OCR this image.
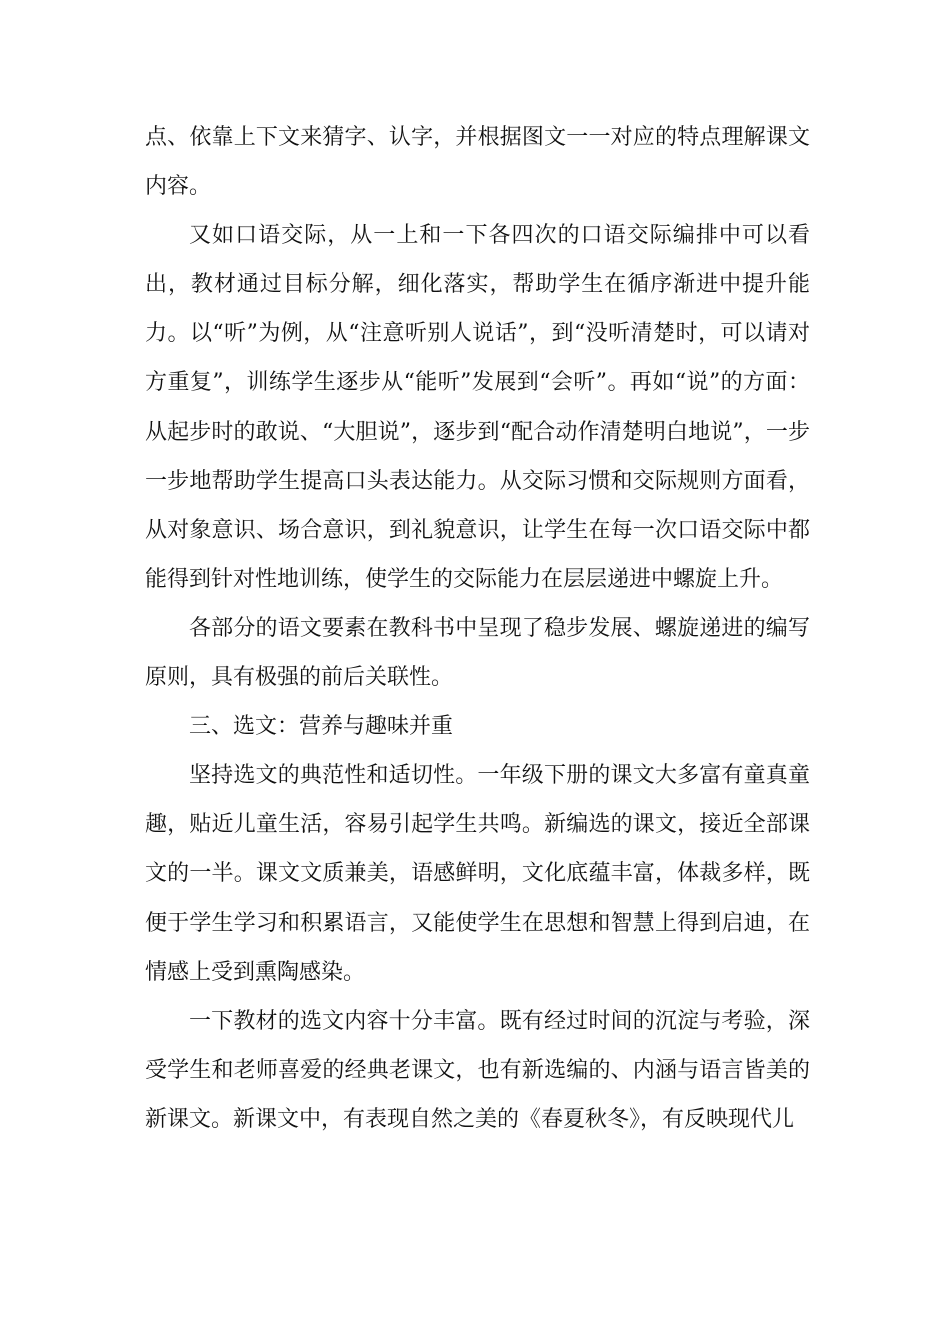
点、依靠上下文来猜字、认字，并根据图文一一对应的特点理解课文内容。

又如口语交际，从一上和一下各四次的口语交际编排中可以看出，教材通过目标分解，细化落实，帮助学生在循序渐进中提升能力。以“听”为例，从“注意听别人说话”，到“没听清楚时，可以请对方重复”，训练学生逐步从“能听”发展到“会听”。再如“说”的方面：从起步时的敢说、“大胆说”，逐步到“配合动作清楚明白地说”，一步一步地帮助学生提高口头表达能力。从交际习惯和交际规则方面看，从对象意识、场合意识，到礼貌意识，让学生在每一次口语交际中都能得到针对性地训练，使学生的交际能力在层层递进中螺旋上升。

各部分的语文要素在教科书中呈现了稳步发展、螺旋递进的编写原则，具有极强的前后关联性。

三、选文：营养与趣味并重

坚持选文的典范性和适切性。一年级下册的课文大多富有童真童趣，贴近儿童生活，容易引起学生共鸣。新编选的课文，接近全部课文的一半。课文文质兼美，语感鲜明，文化底蕴丰富，体裁多样，既便于学生学习和积累语言，又能使学生在思想和智慧上得到启迪，在情感上受到熏陶感染。

一下教材的选文内容十分丰富。既有经过时间的沉淀与考验，深受学生和老师喜爱的经典老课文，也有新选编的、内涵与语言皆美的新课文。新课文中，有表现自然之美的《春夏秋冬》，有反映现代儿
